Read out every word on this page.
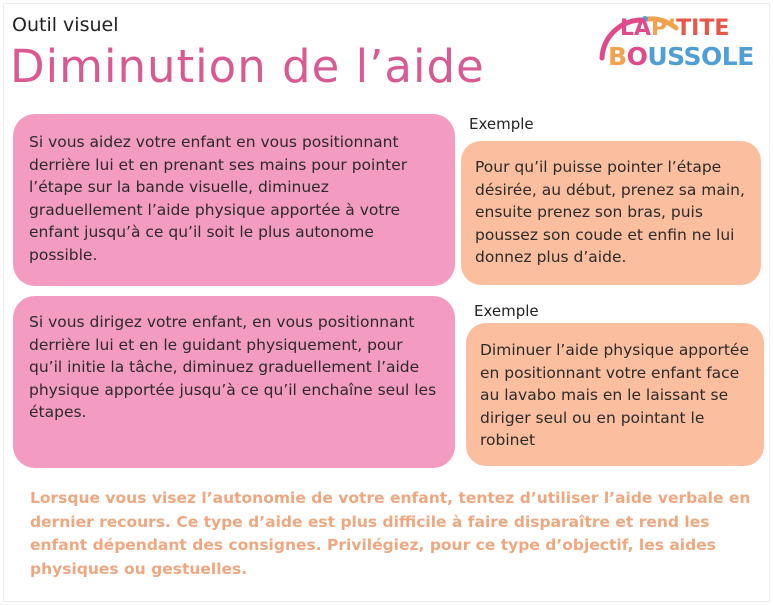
Outil visuel
Diminution de l’aide
LAP’TITE
BOUSSOLE
Si vous aidez votre enfant en vous positionnant derrière lui et en prenant ses mains pour pointer l’étape sur la bande visuelle, diminuez graduellement l’aide physique apportée à votre enfant jusqu’à ce qu’il soit le plus autonome possible.
Exemple
Pour qu’il puisse pointer l’étape désirée, au début, prenez sa main, ensuite prenez son bras, puis poussez son coude et enfin ne lui donnez plus d’aide.
Si vous dirigez votre enfant, en vous positionnant derrière lui et en le guidant physiquement, pour qu’il initie la tâche, diminuez graduellement l’aide physique apportée jusqu’à ce qu’il enchaîne seul les étapes.
Exemple
Diminuer l’aide physique apportée en positionnant votre enfant face au lavabo mais en le laissant se diriger seul ou en pointant le robinet
Lorsque vous visez l’autonomie de votre enfant, tentez d’utiliser l’aide verbale en dernier recours. Ce type d’aide est plus difficile à faire disparaître et rend les enfant dépendant des consignes. Privilégiez, pour ce type d’objectif, les aides physiques ou gestuelles.
